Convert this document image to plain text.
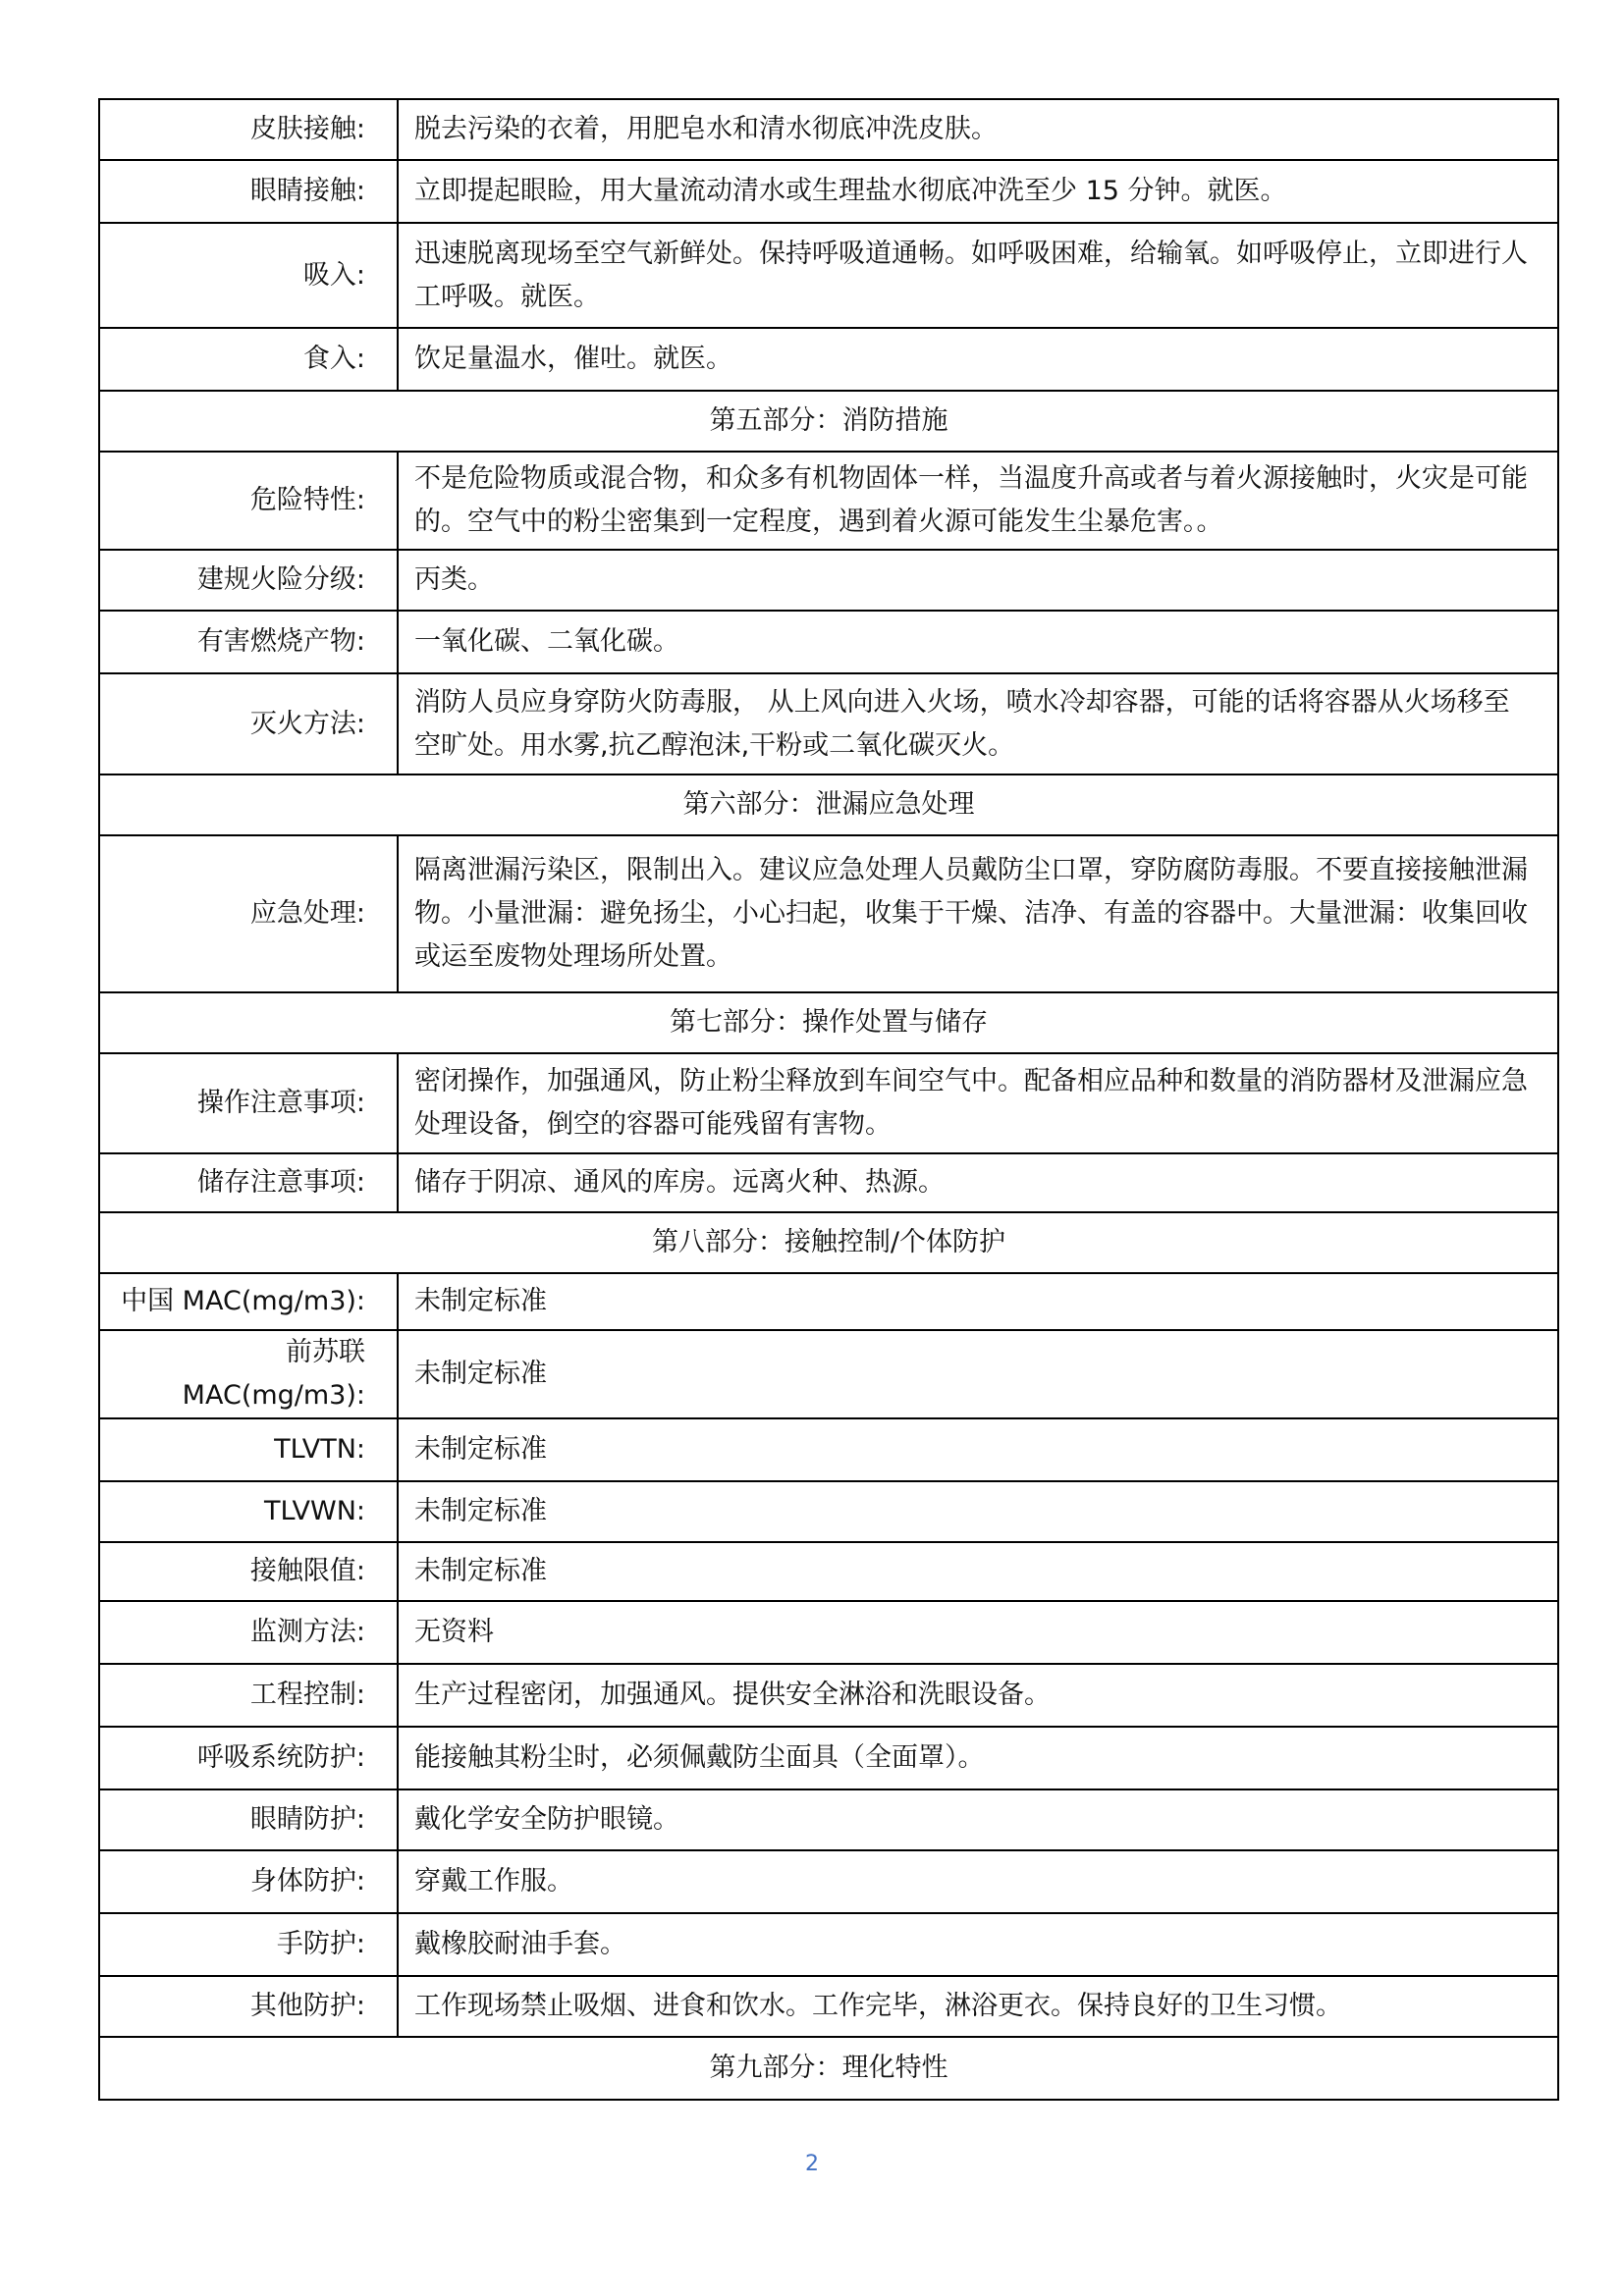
皮肤接触:	脱去污染的衣着，用肥皂水和清水彻底冲洗皮肤。
眼睛接触:	立即提起眼睑，用大量流动清水或生理盐水彻底冲洗至少 15 分钟。就医。
吸入:	迅速脱离现场至空气新鲜处。保持呼吸道通畅。如呼吸困难，给输氧。如呼吸停止，立即进行人工呼吸。就医。
食入:	饮足量温水，催吐。就医。
第五部分：消防措施	
危险特性:	不是危险物质或混合物，和众多有机物固体一样，当温度升高或者与着火源接触时，火灾是可能的。空气中的粉尘密集到一定程度，遇到着火源可能发生尘暴危害。。
建规火险分级:	丙类。
有害燃烧产物:	一氧化碳、二氧化碳。
灭火方法:	消防人员应身穿防火防毒服， 从上风向进入火场，喷水冷却容器，可能的话将容器从火场移至空旷处。用水雾,抗乙醇泡沫,干粉或二氧化碳灭火。
第六部分：泄漏应急处理	
应急处理:	隔离泄漏污染区，限制出入。建议应急处理人员戴防尘口罩，穿防腐防毒服。不要直接接触泄漏物。小量泄漏：避免扬尘，小心扫起，收集于干燥、洁净、有盖的容器中。大量泄漏：收集回收或运至废物处理场所处置。
第七部分：操作处置与储存	
操作注意事项:	密闭操作，加强通风，防止粉尘释放到车间空气中。配备相应品种和数量的消防器材及泄漏应急处理设备，倒空的容器可能残留有害物。
储存注意事项:	储存于阴凉、通风的库房。远离火种、热源。
第八部分：接触控制/个体防护	
中国 MAC(mg/m3):	未制定标准
前苏联 MAC(mg/m3):	未制定标准
TLVTN:	未制定标准
TLVWN:	未制定标准
接触限值:	未制定标准
监测方法:	无资料
工程控制:	生产过程密闭，加强通风。提供安全淋浴和洗眼设备。
呼吸系统防护:	能接触其粉尘时，必须佩戴防尘面具（全面罩）。
眼睛防护:	戴化学安全防护眼镜。
身体防护:	穿戴工作服。
手防护:	戴橡胶耐油手套。
其他防护:	工作现场禁止吸烟、进食和饮水。工作完毕，淋浴更衣。保持良好的卫生习惯。
第九部分：理化特性	
2
